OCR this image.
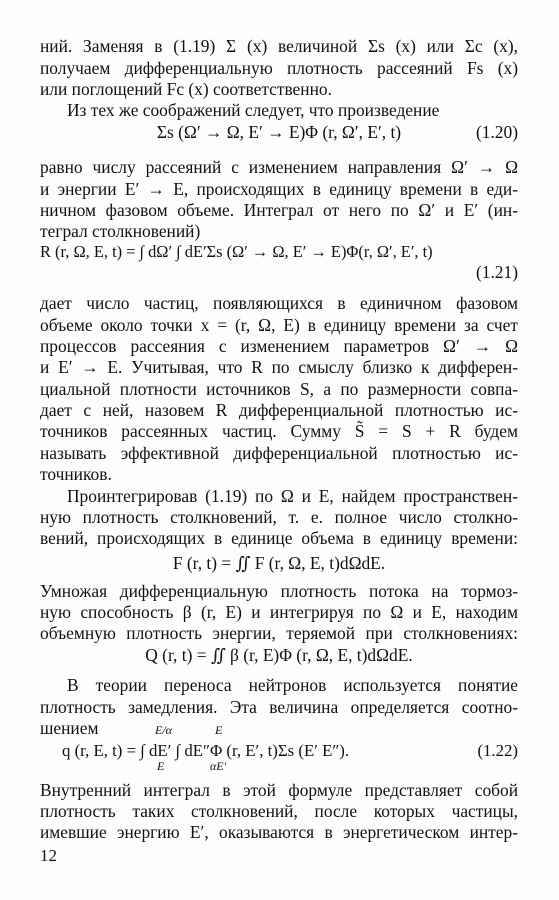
ний. Заменяя в (1.19) Σ (x) величиной Σs (x) или Σc (x),
получаем дифференциальную плотность рассеяний Fs (x)
или поглощений Fc (x) соответственно.
Из тех же соображений следует, что произведение
Σs (Ω′ → Ω, E′ → E)Φ (r, Ω′, E′, t)	(1.20)
равно числу рассеяний с изменением направления Ω′ → Ω
и энергии E′ → E, происходящих в единицу времени в еди-
ничном фазовом объеме. Интеграл от него по Ω′ и E′ (ин-
теграл столкновений)
R (r, Ω, E, t) = ∫ dΩ′ ∫ dE′Σs (Ω′ → Ω, E′ → E)Φ(r, Ω′, E′, t)
(1.21)
дает число частиц, появляющихся в единичном фазовом
объеме около точки x = (r, Ω, E) в единицу времени за счет
процессов рассеяния с изменением параметров Ω′ → Ω
и E′ → E. Учитывая, что R по смыслу близко к дифферен-
циальной плотности источников S, а по размерности совпа-
дает с ней, назовем R дифференциальной плотностью ис-
точников рассеянных частиц. Сумму S̃ = S + R будем
называть эффективной дифференциальной плотностью ис-
точников.
Проинтегрировав (1.19) по Ω и E, найдем пространствен-
ную плотность столкновений, т. е. полное число столкно-
вений, происходящих в единице объема в единицу времени:
F (r, t) = ∬ F (r, Ω, E, t)dΩdE.
Умножая дифференциальную плотность потока на тормоз-
ную способность β (r, E) и интегрируя по Ω и E, находим
объемную плотность энергии, теряемой при столкновениях:
Q (r, t) = ∬ β (r, E)Φ (r, Ω, E, t)dΩdE.
В теории переноса нейтронов используется понятие
плотность замедления. Эта величина определяется соотно-
шением	E/α	E
q (r, E, t) = ∫ dE′ ∫ dE″Φ (r, E′, t)Σs (E′ E″).	(1.22)
E	αE′
Внутренний интеграл в этой формуле представляет собой
плотность таких столкновений, после которых частицы,
имевшие энергию E′, оказываются в энергетическом интер-
12
